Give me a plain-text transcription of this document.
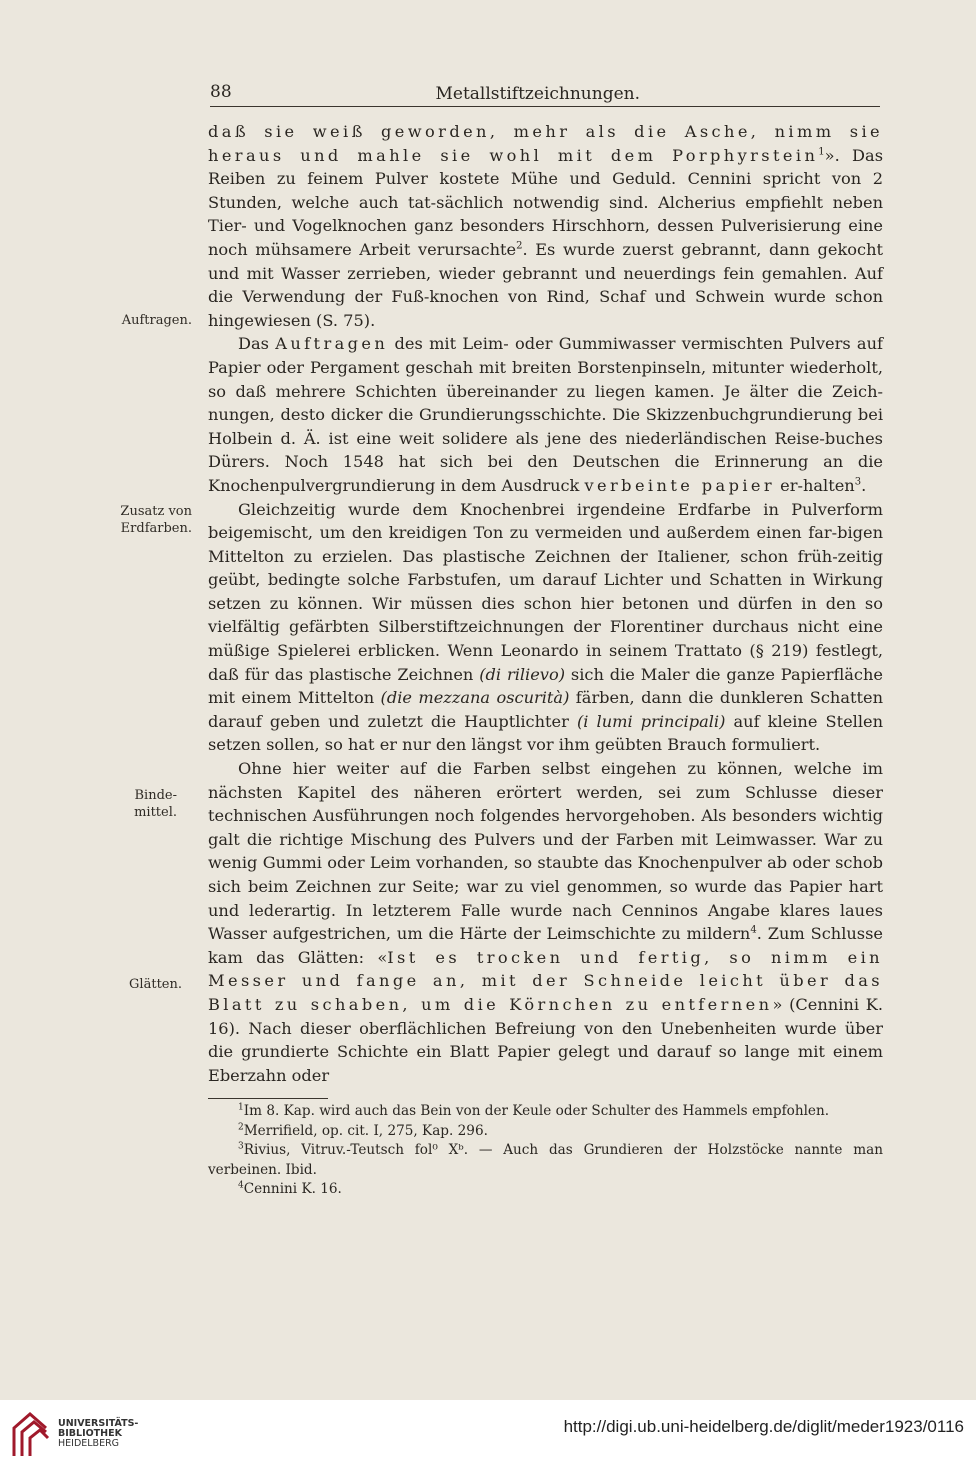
88	Metallstiftzeichnungen.
Auftragen.
Zusatz von
Erdfarben.
Binde-
mittel.
Glätten.

daß sie weiß geworden, mehr als die Asche, nimm sie heraus und mahle sie wohl mit dem Porphyrstein$^1$». Das Reiben zu feinem Pulver kostete Mühe und Geduld. Cennini spricht von 2 Stunden, welche auch tat-sächlich notwendig sind. Alcherius empfiehlt neben Tier- und Vogelknochen ganz besonders Hirschhorn, dessen Pulverisierung eine noch mühsamere Arbeit verursachte$^2$. Es wurde zuerst gebrannt, dann gekocht und mit Wasser zerrieben, wieder gebrannt und neuerdings fein gemahlen. Auf die Verwendung der Fuß-knochen von Rind, Schaf und Schwein wurde schon hingewiesen (S. 75).

Das Auftragen des mit Leim- oder Gummiwasser vermischten Pulvers auf Papier oder Pergament geschah mit breiten Borstenpinseln, mitunter wiederholt, so daß mehrere Schichten übereinander zu liegen kamen. Je älter die Zeich-nungen, desto dicker die Grundierungsschichte. Die Skizzenbuchgrundierung bei Holbein d. Ä. ist eine weit solidere als jene des niederländischen Reise-buches Dürers. Noch 1548 hat sich bei den Deutschen die Erinnerung an die Knochenpulvergrundierung in dem Ausdruck verbeinte papier er-halten$^3$.

Gleichzeitig wurde dem Knochenbrei irgendeine Erdfarbe in Pulverform beigemischt, um den kreidigen Ton zu vermeiden und außerdem einen far-bigen Mittelton zu erzielen. Das plastische Zeichnen der Italiener, schon früh-zeitig geübt, bedingte solche Farbstufen, um darauf Lichter und Schatten in Wirkung setzen zu können. Wir müssen dies schon hier betonen und dürfen in den so vielfältig gefärbten Silberstiftzeichnungen der Florentiner durchaus nicht eine müßige Spielerei erblicken. Wenn Leonardo in seinem Trattato (§ 219) festlegt, daß für das plastische Zeichnen (di rilievo) sich die Maler die ganze Papierfläche mit einem Mittelton (die mezzana oscurità) färben, dann die dunkleren Schatten darauf geben und zuletzt die Hauptlichter (i lumi principali) auf kleine Stellen setzen sollen, so hat er nur den längst vor ihm geübten Brauch formuliert.

Ohne hier weiter auf die Farben selbst eingehen zu können, welche im nächsten Kapitel des näheren erörtert werden, sei zum Schlusse dieser technischen Ausführungen noch folgendes hervorgehoben. Als besonders wichtig galt die richtige Mischung des Pulvers und der Farben mit Leimwasser. War zu wenig Gummi oder Leim vorhanden, so staubte das Knochenpulver ab oder schob sich beim Zeichnen zur Seite; war zu viel genommen, so wurde das Papier hart und lederartig. In letzterem Falle wurde nach Cenninos Angabe klares laues Wasser aufgestrichen, um die Härte der Leimschichte zu mildern$^4$. Zum Schlusse kam das Glätten: «Ist es trocken und fertig, so nimm ein Messer und fange an, mit der Schneide leicht über das Blatt zu schaben, um die Körnchen zu entfernen» (Cennini K. 16). Nach dieser oberflächlichen Befreiung von den Unebenheiten wurde über die grundierte Schichte ein Blatt Papier gelegt und darauf so lange mit einem Eberzahn oder

$^1$Im 8. Kap. wird auch das Bein von der Keule oder Schulter des Hammels empfohlen.
$^2$Merrifield, op. cit. I, 275, Kap. 296.
$^3$Rivius, Vitruv.-Teutsch fol⁰ Xᵇ. — Auch das Grundieren der Holzstöcke nannte man verbeinen. Ibid.
$^4$Cennini K. 16.
UNIVERSITÄTS-
BIBLIOTHEK
HEIDELBERG
http://digi.ub.uni-heidelberg.de/diglit/meder1923/0116
